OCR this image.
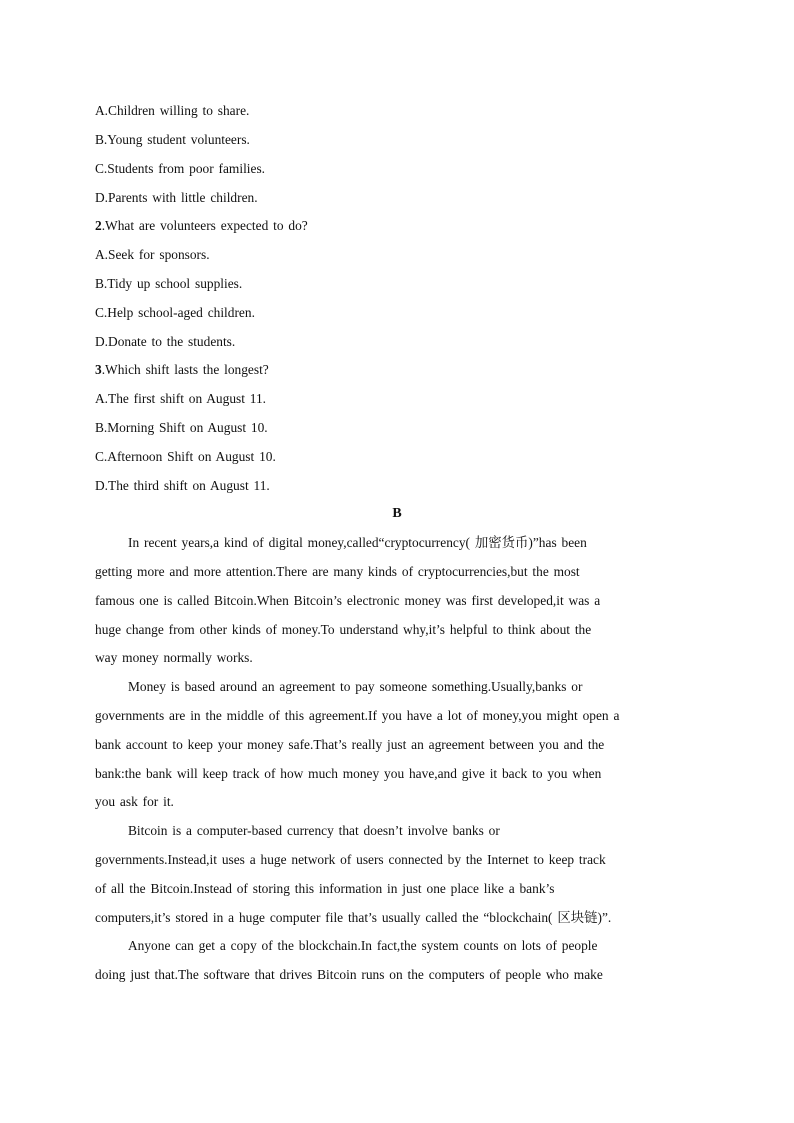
A.Children willing to share.
B.Young student volunteers.
C.Students from poor families.
D.Parents with little children.
2.What are volunteers expected to do?
A.Seek for sponsors.
B.Tidy up school supplies.
C.Help school-aged children.
D.Donate to the students.
3.Which shift lasts the longest?
A.The first shift on August 11.
B.Morning Shift on August 10.
C.Afternoon Shift on August 10.
D.The third shift on August 11.
B
In recent years,a kind of digital money,called“cryptocurrency( 加密货币)”has been
getting more and more attention.There are many kinds of cryptocurrencies,but the most
famous one is called Bitcoin.When Bitcoin’s electronic money was first developed,it was a
huge change from other kinds of money.To understand why,it’s helpful to think about the
way money normally works.
Money is based around an agreement to pay someone something.Usually,banks or
governments are in the middle of this agreement.If you have a lot of money,you might open a
bank account to keep your money safe.That’s really just an agreement between you and the
bank:the bank will keep track of how much money you have,and give it back to you when
you ask for it.
Bitcoin is a computer-based currency that doesn’t involve banks or
governments.Instead,it uses a huge network of users connected by the Internet to keep track
of all the Bitcoin.Instead of storing this information in just one place like a bank’s
computers,it’s stored in a huge computer file that’s usually called the “blockchain( 区块链)”.
Anyone can get a copy of the blockchain.In fact,the system counts on lots of people
doing just that.The software that drives Bitcoin runs on the computers of people who make
